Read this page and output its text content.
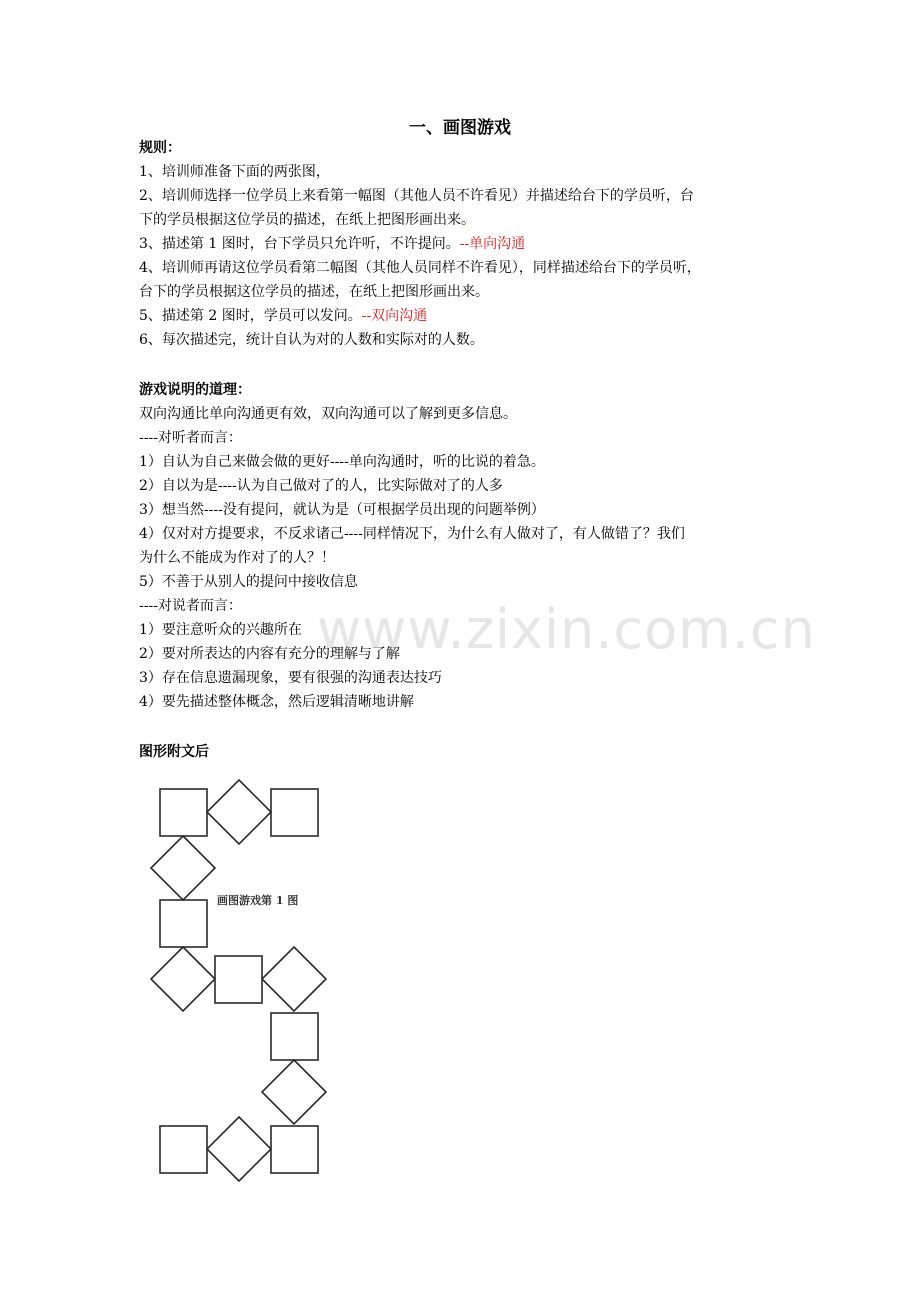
一、画图游戏
规则：
1、培训师准备下面的两张图，
2、培训师选择一位学员上来看第一幅图（其他人员不许看见）并描述给台下的学员听，台
下的学员根据这位学员的描述，在纸上把图形画出来。
3、描述第 1 图时，台下学员只允许听，不许提问。--单向沟通
4、培训师再请这位学员看第二幅图（其他人员同样不许看见），同样描述给台下的学员听，
台下的学员根据这位学员的描述，在纸上把图形画出来。
5、描述第 2 图时，学员可以发问。--双向沟通
6、每次描述完，统计自认为对的人数和实际对的人数。
游戏说明的道理：
双向沟通比单向沟通更有效，双向沟通可以了解到更多信息。
----对听者而言：
1）自认为自己来做会做的更好----单向沟通时，听的比说的着急。
2）自以为是----认为自己做对了的人，比实际做对了的人多
3）想当然----没有提问，就认为是（可根据学员出现的问题举例）
4）仅对对方提要求，不反求诸己----同样情况下，为什么有人做对了，有人做错了？我们
为什么不能成为作对了的人？！
5）不善于从别人的提问中接收信息
----对说者而言：
1）要注意听众的兴趣所在
2）要对所表达的内容有充分的理解与了解
3）存在信息遗漏现象，要有很强的沟通表达技巧
4）要先描述整体概念，然后逻辑清晰地讲解
图形附文后
www.zixin.com.cn
画图游戏第 1 图
